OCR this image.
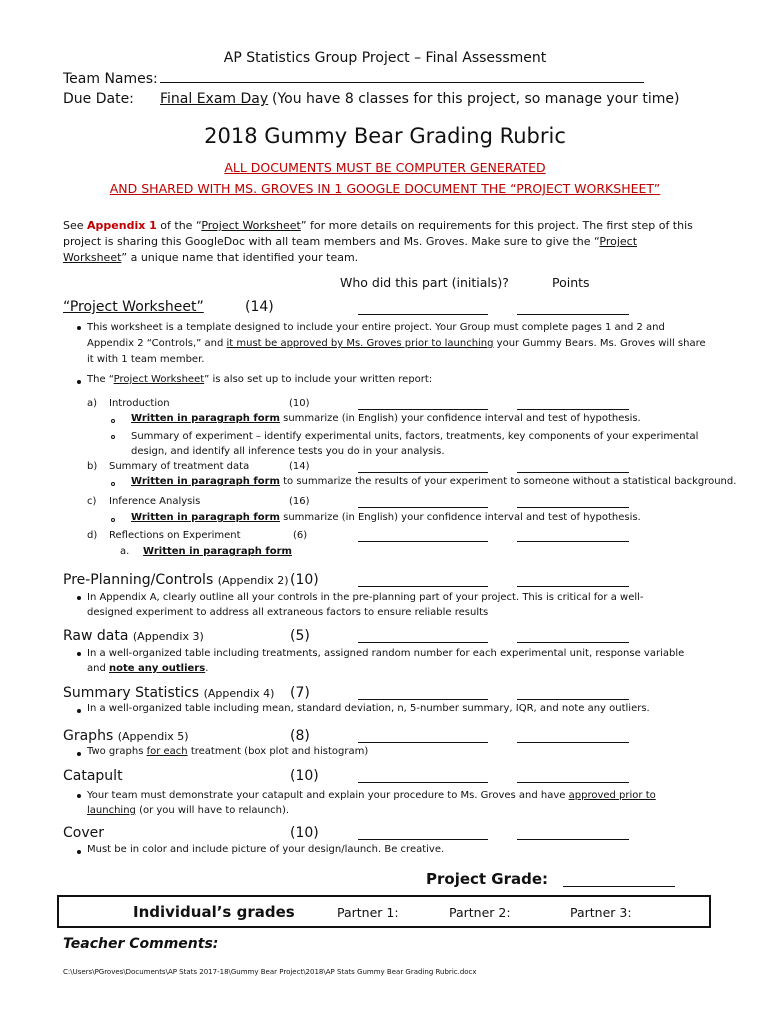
AP Statistics Group Project – Final Assessment
Team Names:
Due Date: Final Exam Day (You have 8 classes for this project, so manage your time)
2018 Gummy Bear Grading Rubric
ALL DOCUMENTS MUST BE COMPUTER GENERATED
AND SHARED WITH MS. GROVES IN 1 GOOGLE DOCUMENT THE “PROJECT WORKSHEET”
See Appendix 1 of the “Project Worksheet” for more details on requirements for this project. The first step of this project is sharing this GoogleDoc with all team members and Ms. Groves. Make sure to give the “Project Worksheet” a unique name that identified your team.
Who did this part (initials)?	Points
“Project Worksheet”	(14)
This worksheet is a template designed to include your entire project. Your Group must complete pages 1 and 2 and Appendix 2 “Controls,” and it must be approved by Ms. Groves prior to launching your Gummy Bears. Ms. Groves will share it with 1 team member.
The “Project Worksheet” is also set up to include your written report:
a) Introduction	(10)
Written in paragraph form summarize (in English) your confidence interval and test of hypothesis.
Summary of experiment – identify experimental units, factors, treatments, key components of your experimental design, and identify all inference tests you do in your analysis.
b) Summary of treatment data	(14)
Written in paragraph form to summarize the results of your experiment to someone without a statistical background.
c) Inference Analysis	(16)
Written in paragraph form summarize (in English) your confidence interval and test of hypothesis.
d) Reflections on Experiment	(6)
a. Written in paragraph form
Pre-Planning/Controls (Appendix 2) (10)
In Appendix A, clearly outline all your controls in the pre-planning part of your project. This is critical for a well-designed experiment to address all extraneous factors to ensure reliable results
Raw data (Appendix 3)	(5)
In a well-organized table including treatments, assigned random number for each experimental unit, response variable and note any outliers.
Summary Statistics (Appendix 4) (7)
In a well-organized table including mean, standard deviation, n, 5-number summary, IQR, and note any outliers.
Graphs (Appendix 5)	(8)
Two graphs for each treatment (box plot and histogram)
Catapult	(10)
Your team must demonstrate your catapult and explain your procedure to Ms. Groves and have approved prior to launching (or you will have to relaunch).
Cover	(10)
Must be in color and include picture of your design/launch. Be creative.
Project Grade:
Individual’s grades	Partner 1:	Partner 2:	Partner 3:
Teacher Comments:
C:\Users\PGroves\Documents\AP Stats 2017-18\Gummy Bear Project\2018\AP Stats Gummy Bear Grading Rubric.docx
